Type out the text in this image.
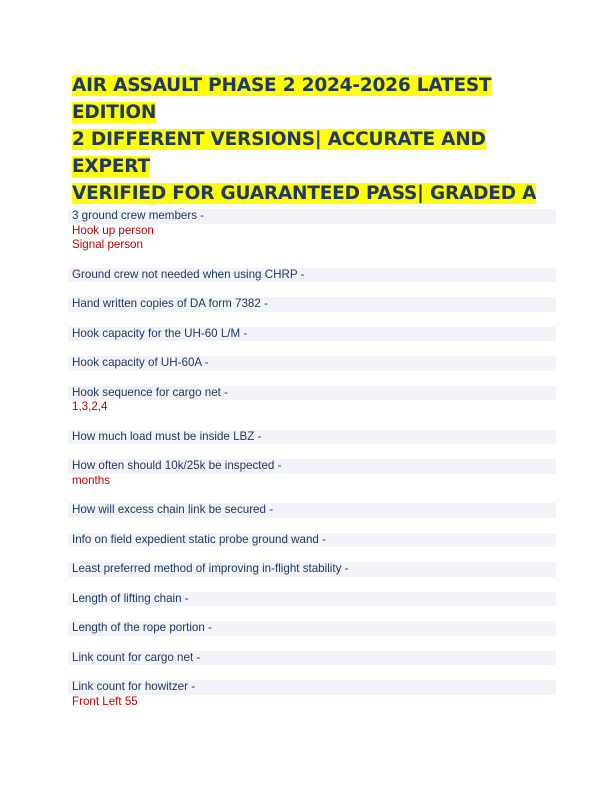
AIR ASSAULT PHASE 2 2024-2026 LATEST EDITION
2 DIFFERENT VERSIONS| ACCURATE AND EXPERT
VERIFIED FOR GUARANTEED PASS| GRADED A
3 ground crew members -
Hook up person
Signal person
Ground crew not needed when using CHRP -
Hand written copies of DA form 7382 -
Hook capacity for the UH-60 L/M -
Hook capacity of UH-60A -
Hook sequence for cargo net -
1,3,2,4
How much load must be inside LBZ -
How often should 10k/25k be inspected -
months
How will excess chain link be secured -
Info on field expedient static probe ground wand -
Least preferred method of improving in-flight stability -
Length of lifting chain -
Length of the rope portion -
Link count for cargo net -
Link count for howitzer -
Front Left 55
